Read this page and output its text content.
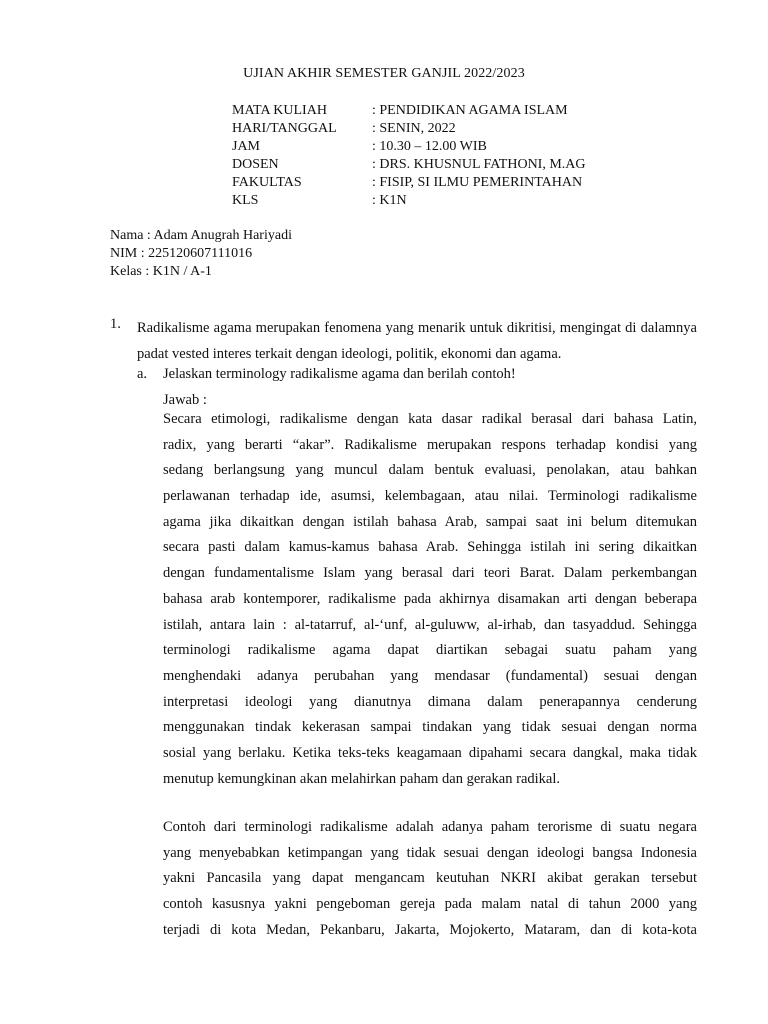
UJIAN AKHIR SEMESTER GANJIL 2022/2023
MATA KULIAH	: PENDIDIKAN AGAMA ISLAM
HARI/TANGGAL	: SENIN, 2022
JAM	: 10.30 – 12.00 WIB
DOSEN	: DRS. KHUSNUL FATHONI, M.AG
FAKULTAS	: FISIP, SI ILMU PEMERINTAHAN
KLS	: K1N
Nama : Adam Anugrah Hariyadi
NIM : 225120607111016
Kelas : K1N / A-1
1. Radikalisme agama merupakan fenomena yang menarik untuk dikritisi, mengingat di dalamnya padat vested interes terkait dengan ideologi, politik, ekonomi dan agama.
a. Jelaskan terminology radikalisme agama dan berilah contoh!
Jawab :
Secara etimologi, radikalisme dengan kata dasar radikal berasal dari bahasa Latin,
radix, yang berarti “akar”. Radikalisme merupakan respons terhadap kondisi yang
sedang berlangsung yang muncul dalam bentuk evaluasi, penolakan, atau bahkan
perlawanan terhadap ide, asumsi, kelembagaan, atau nilai. Terminologi radikalisme
agama jika dikaitkan dengan istilah bahasa Arab, sampai saat ini belum ditemukan
secara pasti dalam kamus-kamus bahasa Arab. Sehingga istilah ini sering dikaitkan
dengan fundamentalisme Islam yang berasal dari teori Barat. Dalam perkembangan
bahasa arab kontemporer, radikalisme pada akhirnya disamakan arti dengan beberapa
istilah, antara lain : al-tatarruf, al-‘unf, al-guluww, al-irhab, dan tasyaddud. Sehingga
terminologi radikalisme agama dapat diartikan sebagai suatu paham yang
menghendaki adanya perubahan yang mendasar (fundamental) sesuai dengan
interpretasi ideologi yang dianutnya dimana dalam penerapannya cenderung
menggunakan tindak kekerasan sampai tindakan yang tidak sesuai dengan norma
sosial yang berlaku. Ketika teks-teks keagamaan dipahami secara dangkal, maka tidak
menutup kemungkinan akan melahirkan paham dan gerakan radikal.
Contoh dari terminologi radikalisme adalah adanya paham terorisme di suatu negara
yang menyebabkan ketimpangan yang tidak sesuai dengan ideologi bangsa Indonesia
yakni Pancasila yang dapat mengancam keutuhan NKRI akibat gerakan tersebut
contoh kasusnya yakni pengeboman gereja pada malam natal di tahun 2000 yang
terjadi di kota Medan, Pekanbaru, Jakarta, Mojokerto, Mataram, dan di kota-kota
